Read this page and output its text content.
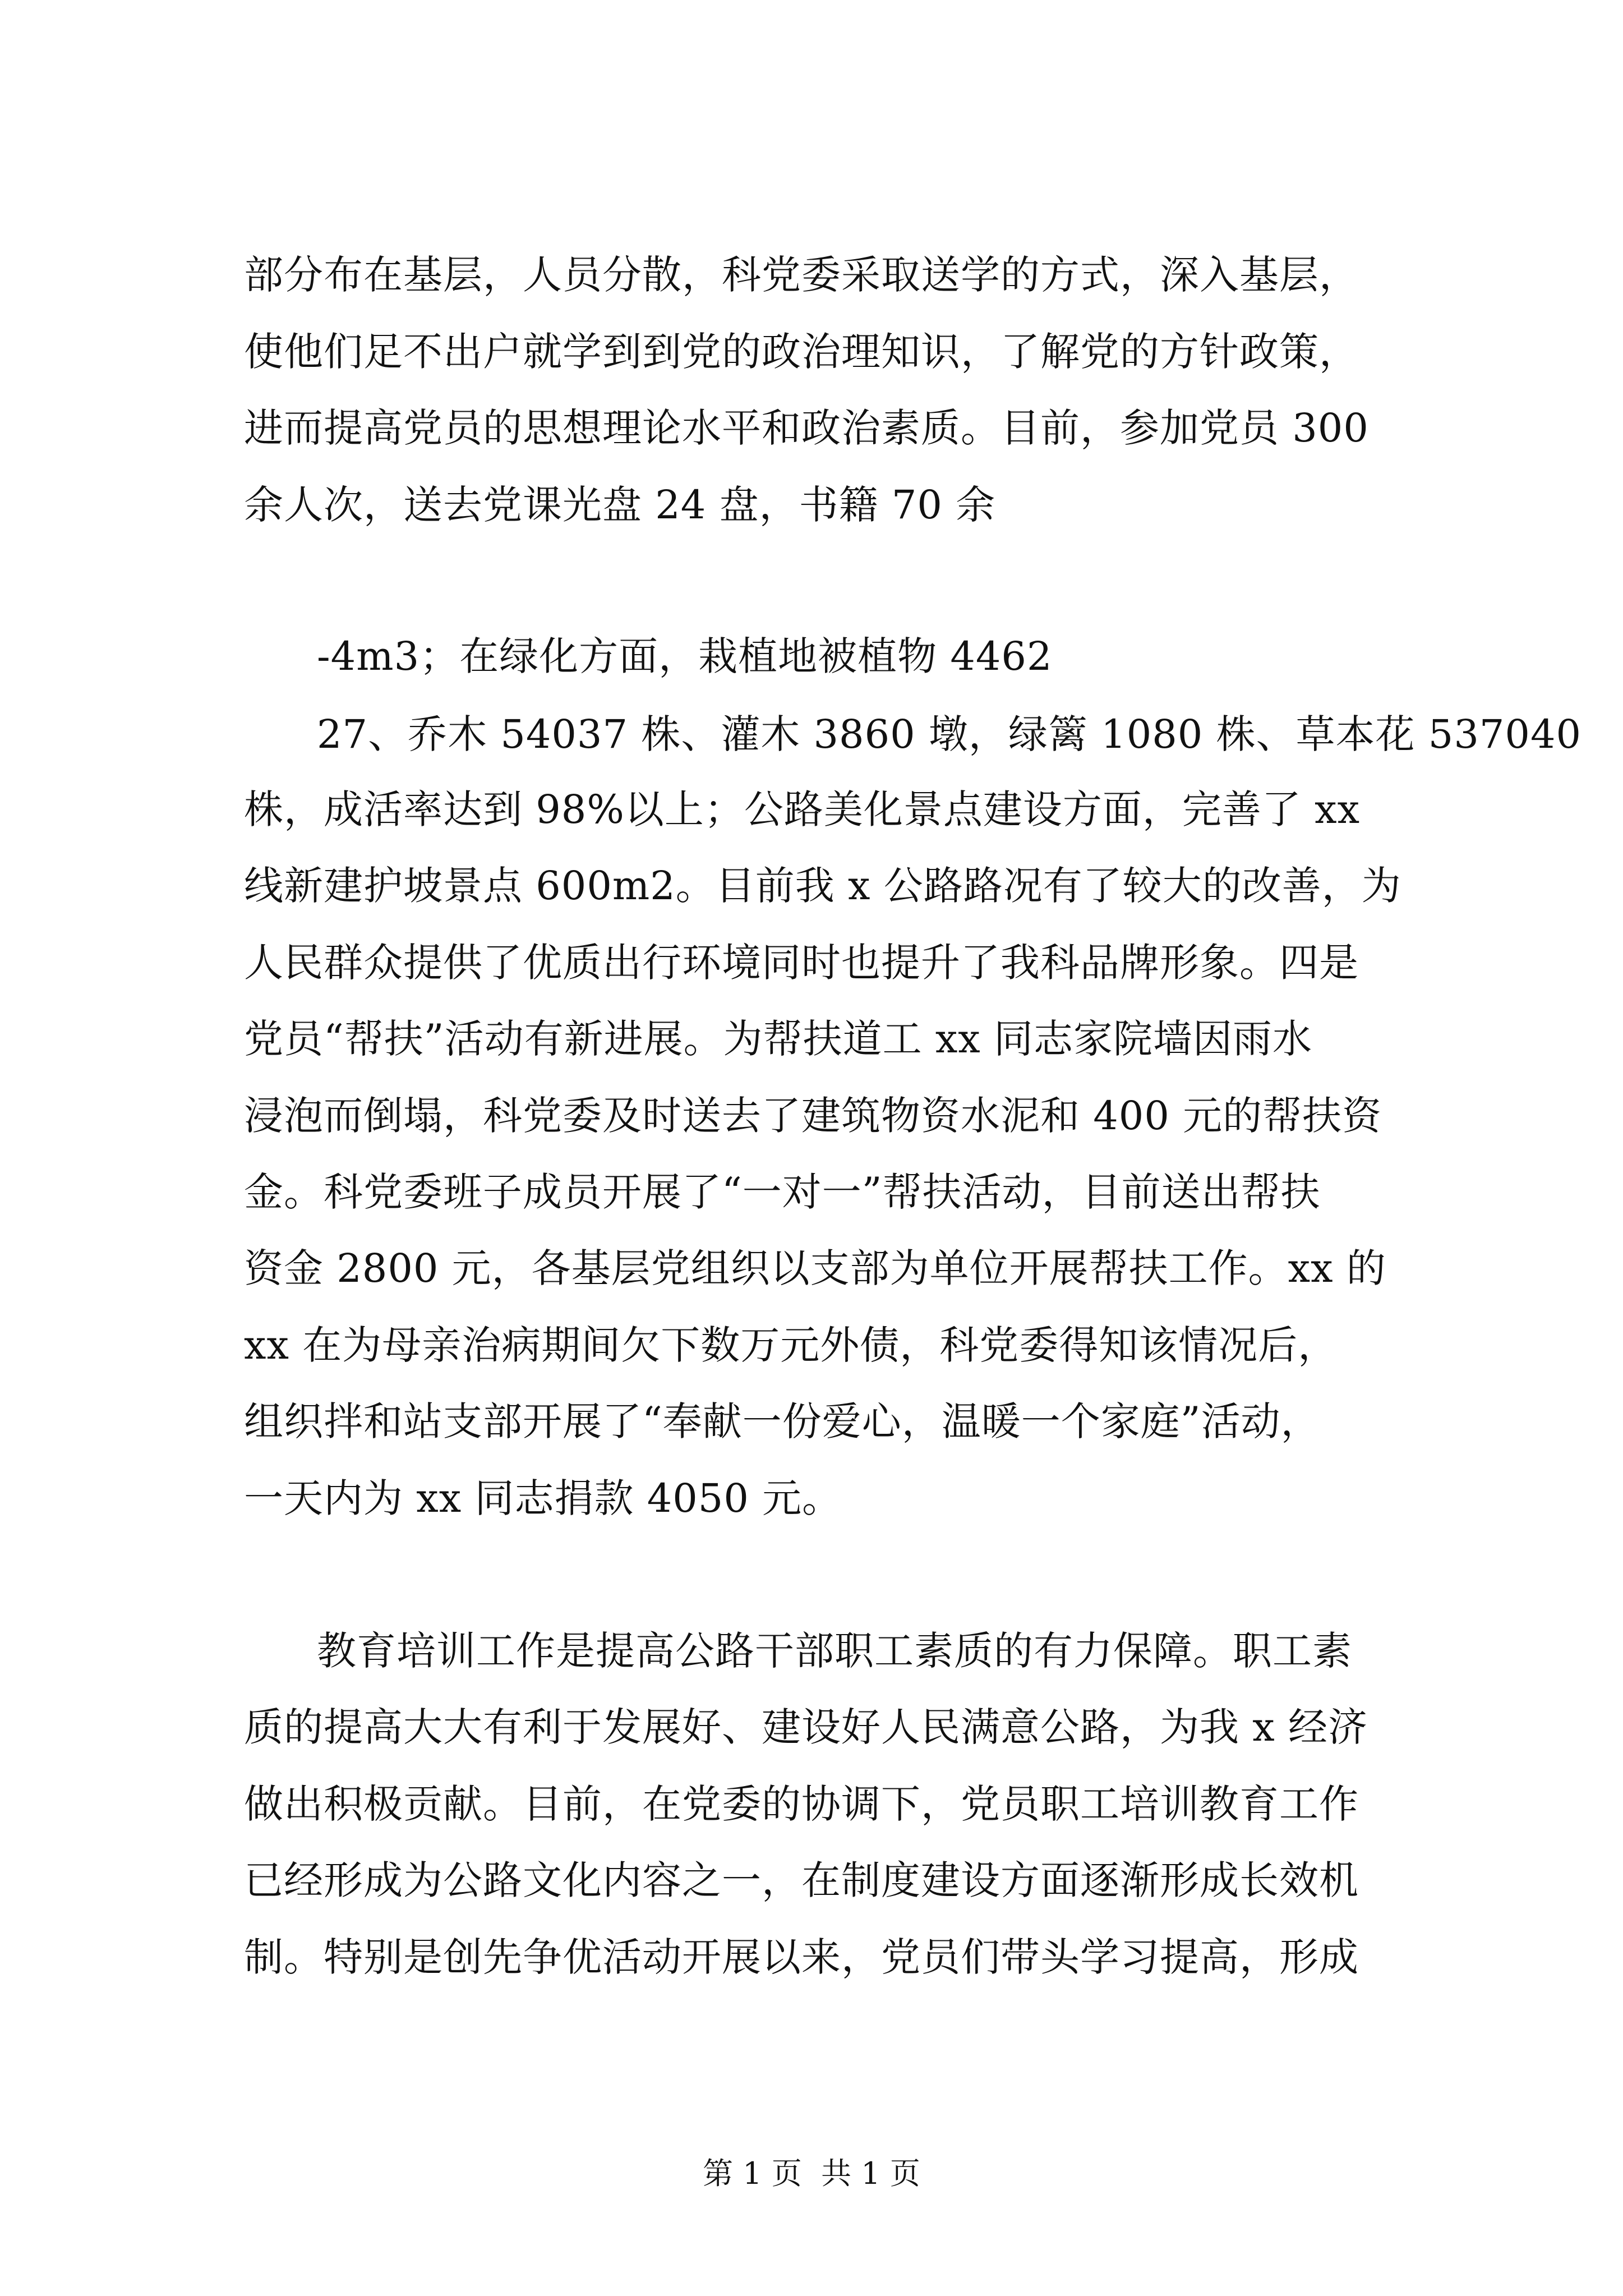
部分布在基层，人员分散，科党委采取送学的方式，深入基层，
使他们足不出户就学到到党的政治理知识，了解党的方针政策，
进而提高党员的思想理论水平和政治素质。目前，参加党员 300
余人次，送去党课光盘 24 盘，书籍 70 余
-4m3；在绿化方面，栽植地被植物 4462
27、乔木 54037 株、灌木 3860 墩，绿篱 1080 株、草本花 537040
株，成活率达到 98%以上；公路美化景点建设方面，完善了 xx
线新建护坡景点 600m2。目前我 x 公路路况有了较大的改善，为
人民群众提供了优质出行环境同时也提升了我科品牌形象。四是
党员“帮扶”活动有新进展。为帮扶道工 xx 同志家院墙因雨水
浸泡而倒塌，科党委及时送去了建筑物资水泥和 400 元的帮扶资
金。科党委班子成员开展了“一对一”帮扶活动，目前送出帮扶
资金 2800 元，各基层党组织以支部为单位开展帮扶工作。xx 的
xx 在为母亲治病期间欠下数万元外债，科党委得知该情况后，
组织拌和站支部开展了“奉献一份爱心，温暖一个家庭”活动，
一天内为 xx 同志捐款 4050 元。
教育培训工作是提高公路干部职工素质的有力保障。职工素
质的提高大大有利于发展好、建设好人民满意公路，为我 x 经济
做出积极贡献。目前，在党委的协调下，党员职工培训教育工作
已经形成为公路文化内容之一，在制度建设方面逐渐形成长效机
制。特别是创先争优活动开展以来，党员们带头学习提高，形成
第 1 页  共 1 页
